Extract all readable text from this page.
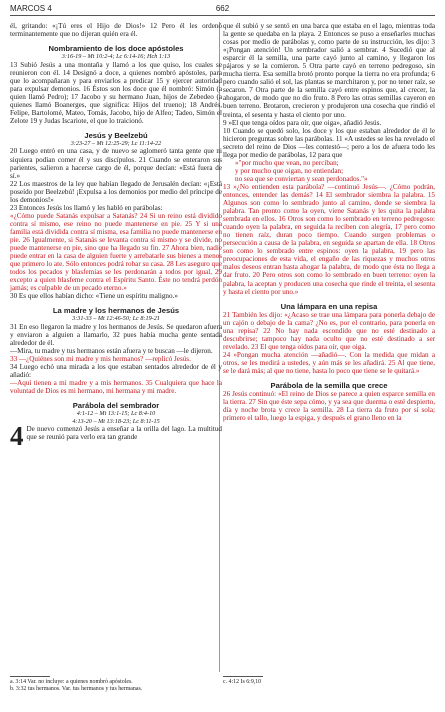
MARCOS 4	662

él, gritando: «¡Tú eres el Hijo de Dios!» 12 Pero él les ordenó terminantemente que no dijeran quién era él.

Nombramiento de los doce apóstoles
3:16-19 – Mt 10:2-4; Lc 6:14-16; Hch 1:13

13 Subió Jesús a una montaña y llamó a los que quiso, los cuales se reunieron con él. 14 Designó a doce, a quienes nombró apóstoles, para que lo acompañaran y para enviarlos a predicar 15 y ejercer autoridad para expulsar demonios. 16 Éstos son los doce que él nombró: Simón (a quien llamó Pedro); 17 Jacobo y su hermano Juan, hijos de Zebedeo (a quienes llamó Boanerges, que significa: Hijos del trueno); 18 Andrés, Felipe, Bartolomé, Mateo, Tomás, Jacobo, hijo de Alfeo; Tadeo, Simón el Zelote 19 y Judas Iscariote, el que lo traicionó.

Jesús y Beelzebú
3:23-27 – Mt 12:25-29; Lc 11:14-22

20 Luego entró en una casa, y de nuevo se aglomeró tanta gente que ni siquiera podían comer él y sus discípulos. 21 Cuando se enteraron sus parientes, salieron a hacerse cargo de él, porque decían: «Está fuera de sí.»

22 Los maestros de la ley que habían llegado de Jerusalén decían: «¡Está poseído por Beelzebú! ¡Expulsa a los demonios por medio del príncipe de los demonios!»

23 Entonces Jesús los llamó y les habló en parábolas:

«¿Cómo puede Satanás expulsar a Satanás? 24 Si un reino está dividido contra sí mismo, ese reino no puede mantenerse en pie. 25 Y si una familia está dividida contra sí misma, esa familia no puede mantenerse en pie. 26 Igualmente, si Satanás se levanta contra sí mismo y se divide, no puede mantenerse en pie, sino que ha llegado su fin. 27 Ahora bien, nadie puede entrar en la casa de alguien fuerte y arrebatarle sus bienes a menos que primero lo ate. Sólo entonces podrá robar su casa. 28 Les aseguro que todos los pecados y blasfemias se les perdonarán a todos por igual, 29 excepto a quien blasfeme contra el Espíritu Santo. Éste no tendrá perdón jamás; es culpable de un pecado eterno.»

30 Es que ellos habían dicho: «Tiene un espíritu maligno.»

La madre y los hermanos de Jesús
3:31-33 – Mt 12:46-50; Lc 8:19-21

31 En eso llegaron la madre y los hermanos de Jesús. Se quedaron afuera y enviaron a alguien a llamarlo, 32 pues había mucha gente sentada alrededor de él.

—Mira, tu madre y tus hermanos están afuera y te buscan —le dijeron.

33 —¿Quiénes son mi madre y mis hermanos? —replicó Jesús.

34 Luego echó una mirada a los que estaban sentados alrededor de él y añadió:

—Aquí tienen a mi madre y a mis hermanos. 35 Cualquiera que hace la voluntad de Dios es mi hermano, mi hermana y mi madre.

Parábola del sembrador
4:1-12 – Mt 13:1-15; Lc 8:4-10
4:13-20 – Mt 13:18-23; Lc 8:11-15

4 De nuevo comenzó Jesús a enseñar a la orilla del lago. La multitud que se reunió para verlo era tan grande

que él subió y se sentó en una barca que estaba en el lago, mientras toda la gente se quedaba en la playa. 2 Entonces se puso a enseñarles muchas cosas por medio de parábolas y, como parte de su instrucción, les dijo: 3 «¡Pongan atención! Un sembrador salió a sembrar. 4 Sucedió que al esparcir él la semilla, una parte cayó junto al camino, y llegaron los pájaros y se la comieron. 5 Otra parte cayó en terreno pedregoso, sin mucha tierra. Esa semilla brotó pronto porque la tierra no era profunda; 6 pero cuando salió el sol, las plantas se marchitaron y, por no tener raíz, se secaron. 7 Otra parte de la semilla cayó entre espinos que, al crecer, la ahogaron, de modo que no dio fruto. 8 Pero las otras semillas cayeron en buen terreno. Brotaron, crecieron y produjeron una cosecha que rindió el treinta, el sesenta y hasta el ciento por uno.

9 »El que tenga oídos para oír, que oiga», añadió Jesús.

10 Cuando se quedó solo, los doce y los que estaban alrededor de él le hicieron preguntas sobre las parábolas. 11 «A ustedes se les ha revelado el secreto del reino de Dios —les contestó—; pero a los de afuera todo les llega por medio de parábolas, 12 para que

»"por mucho que vean, no perciban;

y por mucho que oigan, no entiendan;

no sea que se conviertan y sean perdonados."»

13 »¿No entienden esta parábola? —continuó Jesús—. ¿Cómo podrán, entonces, entender las demás? 14 El sembrador siembra la palabra. 15 Algunos son como lo sembrado junto al camino, donde se siembra la palabra. Tan pronto como la oyen, viene Satanás y les quita la palabra sembrada en ellos. 16 Otros son como lo sembrado en terreno pedregoso: cuando oyen la palabra, en seguida la reciben con alegría, 17 pero como no tienen raíz, duran poco tiempo. Cuando surgen problemas o persecución a causa de la palabra, en seguida se apartan de ella. 18 Otros son como lo sembrado entre espinos: oyen la palabra, 19 pero las preocupaciones de esta vida, el engaño de las riquezas y muchos otros malos deseos entran hasta ahogar la palabra, de modo que ésta no llega a dar fruto. 20 Pero otros son como lo sembrado en buen terreno: oyen la palabra, la aceptan y producen una cosecha que rinde el treinta, el sesenta y hasta el ciento por uno.»

Una lámpara en una repisa

21 También les dijo: «¿Acaso se trae una lámpara para ponerla debajo de un cajón o debajo de la cama? ¿No es, por el contrario, para ponerla en una repisa? 22 No hay nada escondido que no esté destinado a descubrirse; tampoco hay nada oculto que no esté destinado a ser revelado. 23 El que tenga oídos para oír, que oiga.

24 »Pongan mucha atención —añadió—. Con la medida que midan a otros, se les medirá a ustedes, y aún más se les añadirá. 25 Al que tiene, se le dará más; al que no tiene, hasta lo poco que tiene se le quitará.»

Parábola de la semilla que crece

26 Jesús continuó: «El reino de Dios se parece a quien esparce semilla en la tierra. 27 Sin que éste sepa cómo, y ya sea que duerma o esté despierto, día y noche brota y crece la semilla. 28 La tierra da fruto por sí sola; primero el tallo, luego la espiga, y después el grano lleno en la

a. 3:14 Var. no incluye: a quienes nombró apóstoles.
b. 3:32 tus hermanos. Var. tus hermanos y tus hermanas.
c. 4:12 Is 6:9,10
